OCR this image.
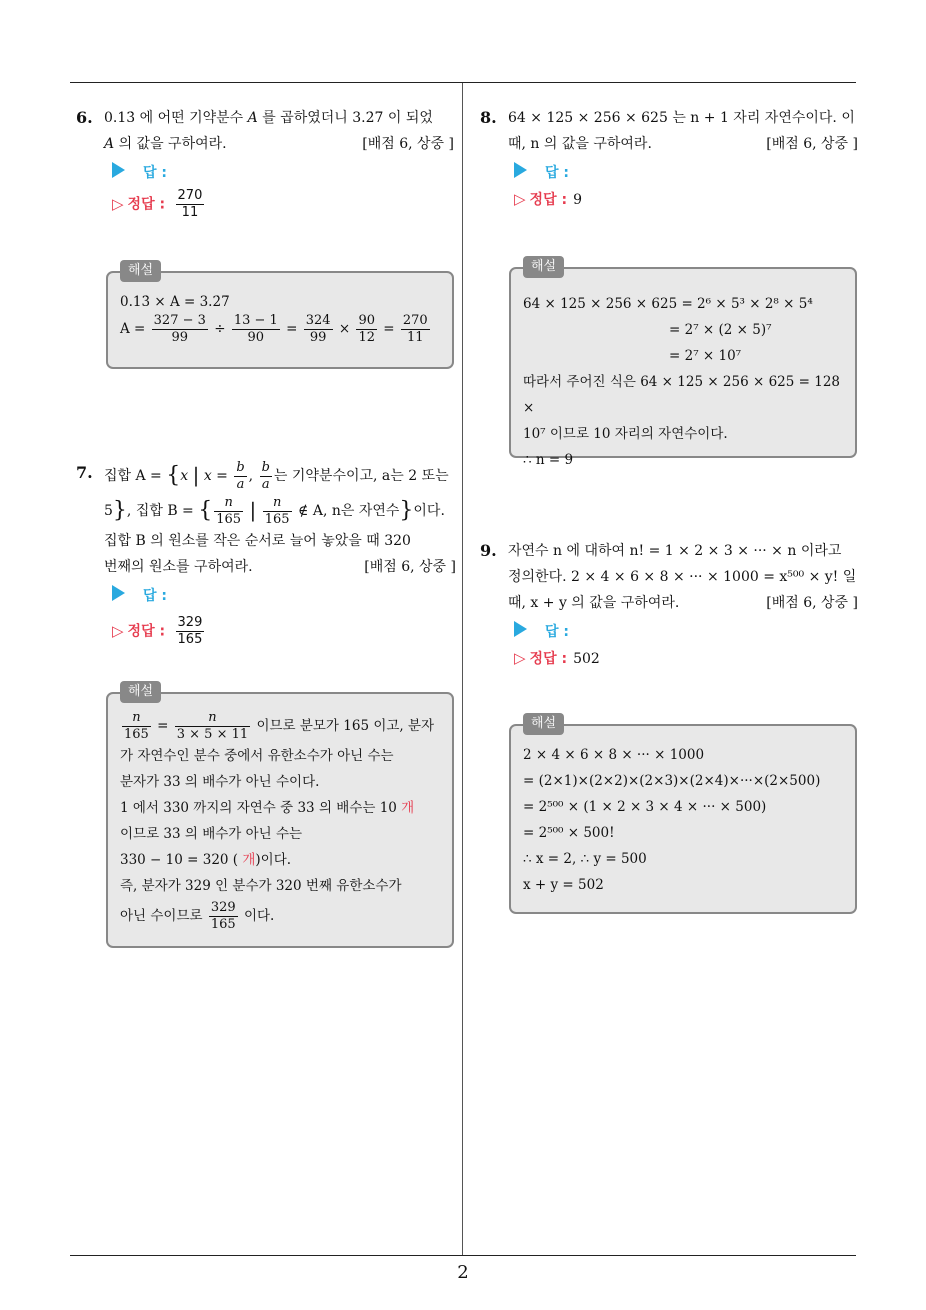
6. 0.13̇ 에 어떤 기약분수 A 를 곱하였더니 3.2̇7̇ 이 되었
A 의 값을 구하여라.	[배점 6, 상중 ]
답 :
▷ 정답 : $\frac{270}{11}$
해설
0.13̇ × A = 3.2̇7̇
$A = \frac{327 - 3}{99} \div \frac{13 - 1}{90} = \frac{324}{99} \times \frac{90}{12} = \frac{270}{11}$
7. 집합 A = {x | $x = \frac{b}{a}$ , $\frac{b}{a}$ 는 기약분수이고, a는 2 또는
5}, 집합 B = { $\frac{n}{165}$ | $\frac{n}{165}$ ∉ A, n은 자연수}이다.
집합 B 의 원소를 작은 순서로 늘어 놓았을 때 320
번째의 원소를 구하여라.	[배점 6, 상중 ]
답 :
▷ 정답 : $\frac{329}{165}$
해설
$\frac{n}{165} = \frac{n}{3 \times 5 \times 11}$ 이므로 분모가 165 이고, 분자
가 자연수인 분수 중에서 유한소수가 아닌 수는
분자가 33 의 배수가 아닌 수이다.
1 에서 330 까지의 자연수 중 33 의 배수는 10 개
이므로 33 의 배수가 아닌 수는
330 − 10 = 320 ( 개)이다.
즉, 분자가 329 인 분수가 320 번째 유한소수가
아닌 수이므로 $\frac{329}{165}$ 이다.
8. 64 × 125 × 256 × 625 는 n + 1 자리 자연수이다. 이
때, n 의 값을 구하여라.	[배점 6, 상중 ]
답 :
▷ 정답 : 9
해설
64 × 125 × 256 × 625 = 2⁶ × 5³ × 2⁸ × 5⁴
= 2⁷ × (2 × 5)⁷
= 2⁷ × 10⁷
따라서 주어진 식은 64 × 125 × 256 × 625 = 128 ×
10⁷ 이므로 10 자리의 자연수이다.
∴ n = 9
9. 자연수 n 에 대하여 n! = 1 × 2 × 3 × ··· × n 이라고
정의한다. 2 × 4 × 6 × 8 × ··· × 1000 = x⁵⁰⁰ × y! 일
때, x + y 의 값을 구하여라.	[배점 6, 상중 ]
답 :
▷ 정답 : 502
해설
2 × 4 × 6 × 8 × ··· × 1000
= (2×1)×(2×2)×(2×3)×(2×4)×···×(2×500)
= 2⁵⁰⁰ × (1 × 2 × 3 × 4 × ··· × 500)
= 2⁵⁰⁰ × 500!
∴ x = 2, ∴ y = 500
x + y = 502
2
